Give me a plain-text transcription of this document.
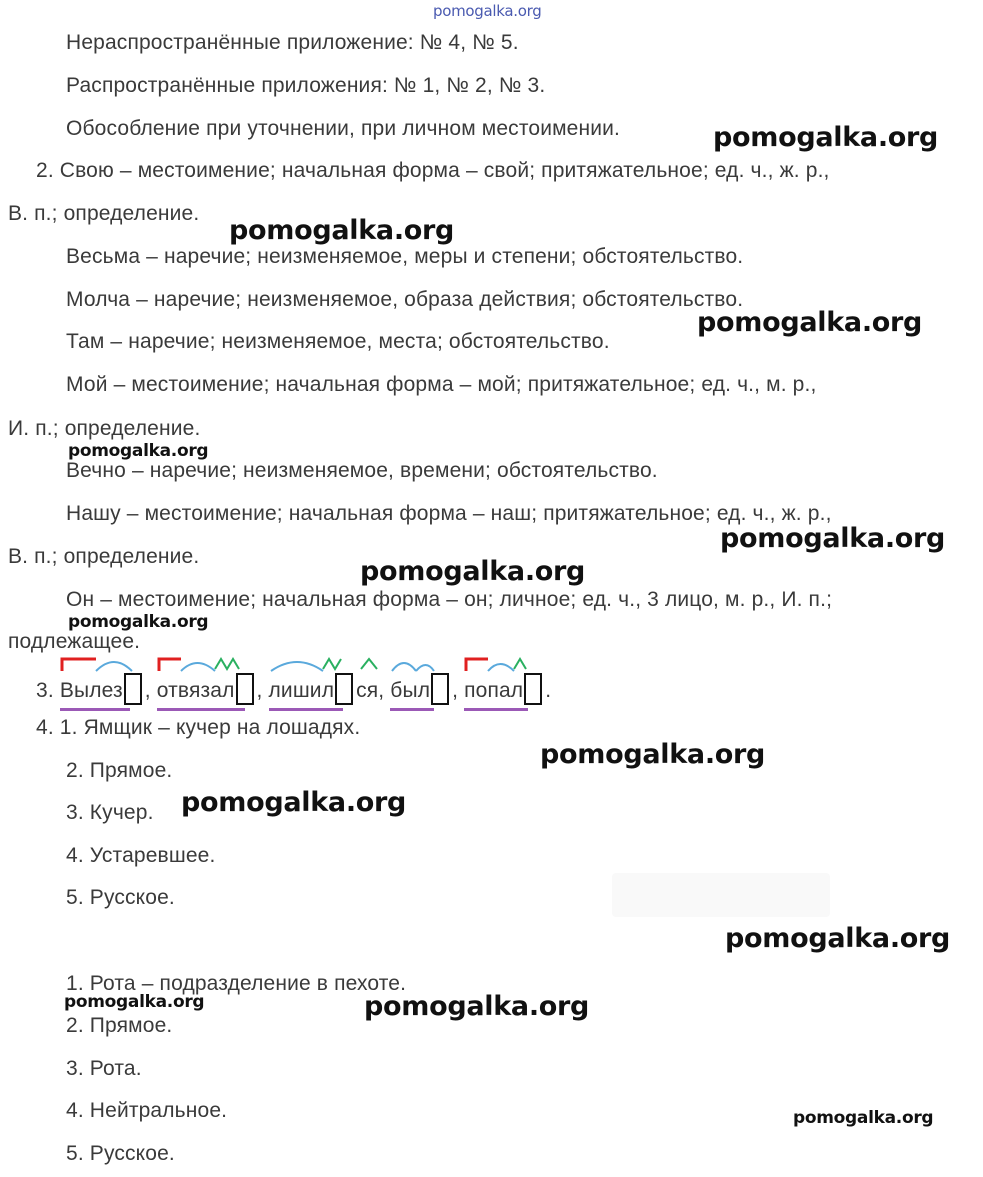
pomogalka.org
Нераспространённые приложение: № 4, № 5.
Распространённые приложения: № 1, № 2, № 3.
Обособление при уточнении, при личном местоимении.
2. Свою – местоимение; начальная форма – свой; притяжательное; ед. ч., ж. р.,
В. п.; определение.
Весьма – наречие; неизменяемое, меры и степени; обстоятельство.
Молча – наречие; неизменяемое, образа действия; обстоятельство.
Там – наречие; неизменяемое, места; обстоятельство.
Мой – местоимение; начальная форма – мой; притяжательное; ед. ч., м. р.,
И. п.; определение.
Вечно – наречие; неизменяемое, времени; обстоятельство.
Нашу – местоимение; начальная форма – наш; притяжательное; ед. ч., ж. р.,
В. п.; определение.
Он – местоимение; начальная форма – он; личное; ед. ч., 3 лицо, м. р., И. п.;
подлежащее.
3. Вылез , отвязал , лишил ся
, был , попал .
4. 1. Ямщик – кучер на лошадях.
2. Прямое.
3. Кучер.
4. Устаревшее.
5. Русское.
1. Рота – подразделение в пехоте.
2. Прямое.
3. Рота.
4. Нейтральное.
5. Русское.
pomogalka.org
pomogalka.org
pomogalka.org
pomogalka.org
pomogalka.org
pomogalka.org
pomogalka.org
pomogalka.org
pomogalka.org
pomogalka.org
pomogalka.org	pomogalka.org
pomogalka.org
